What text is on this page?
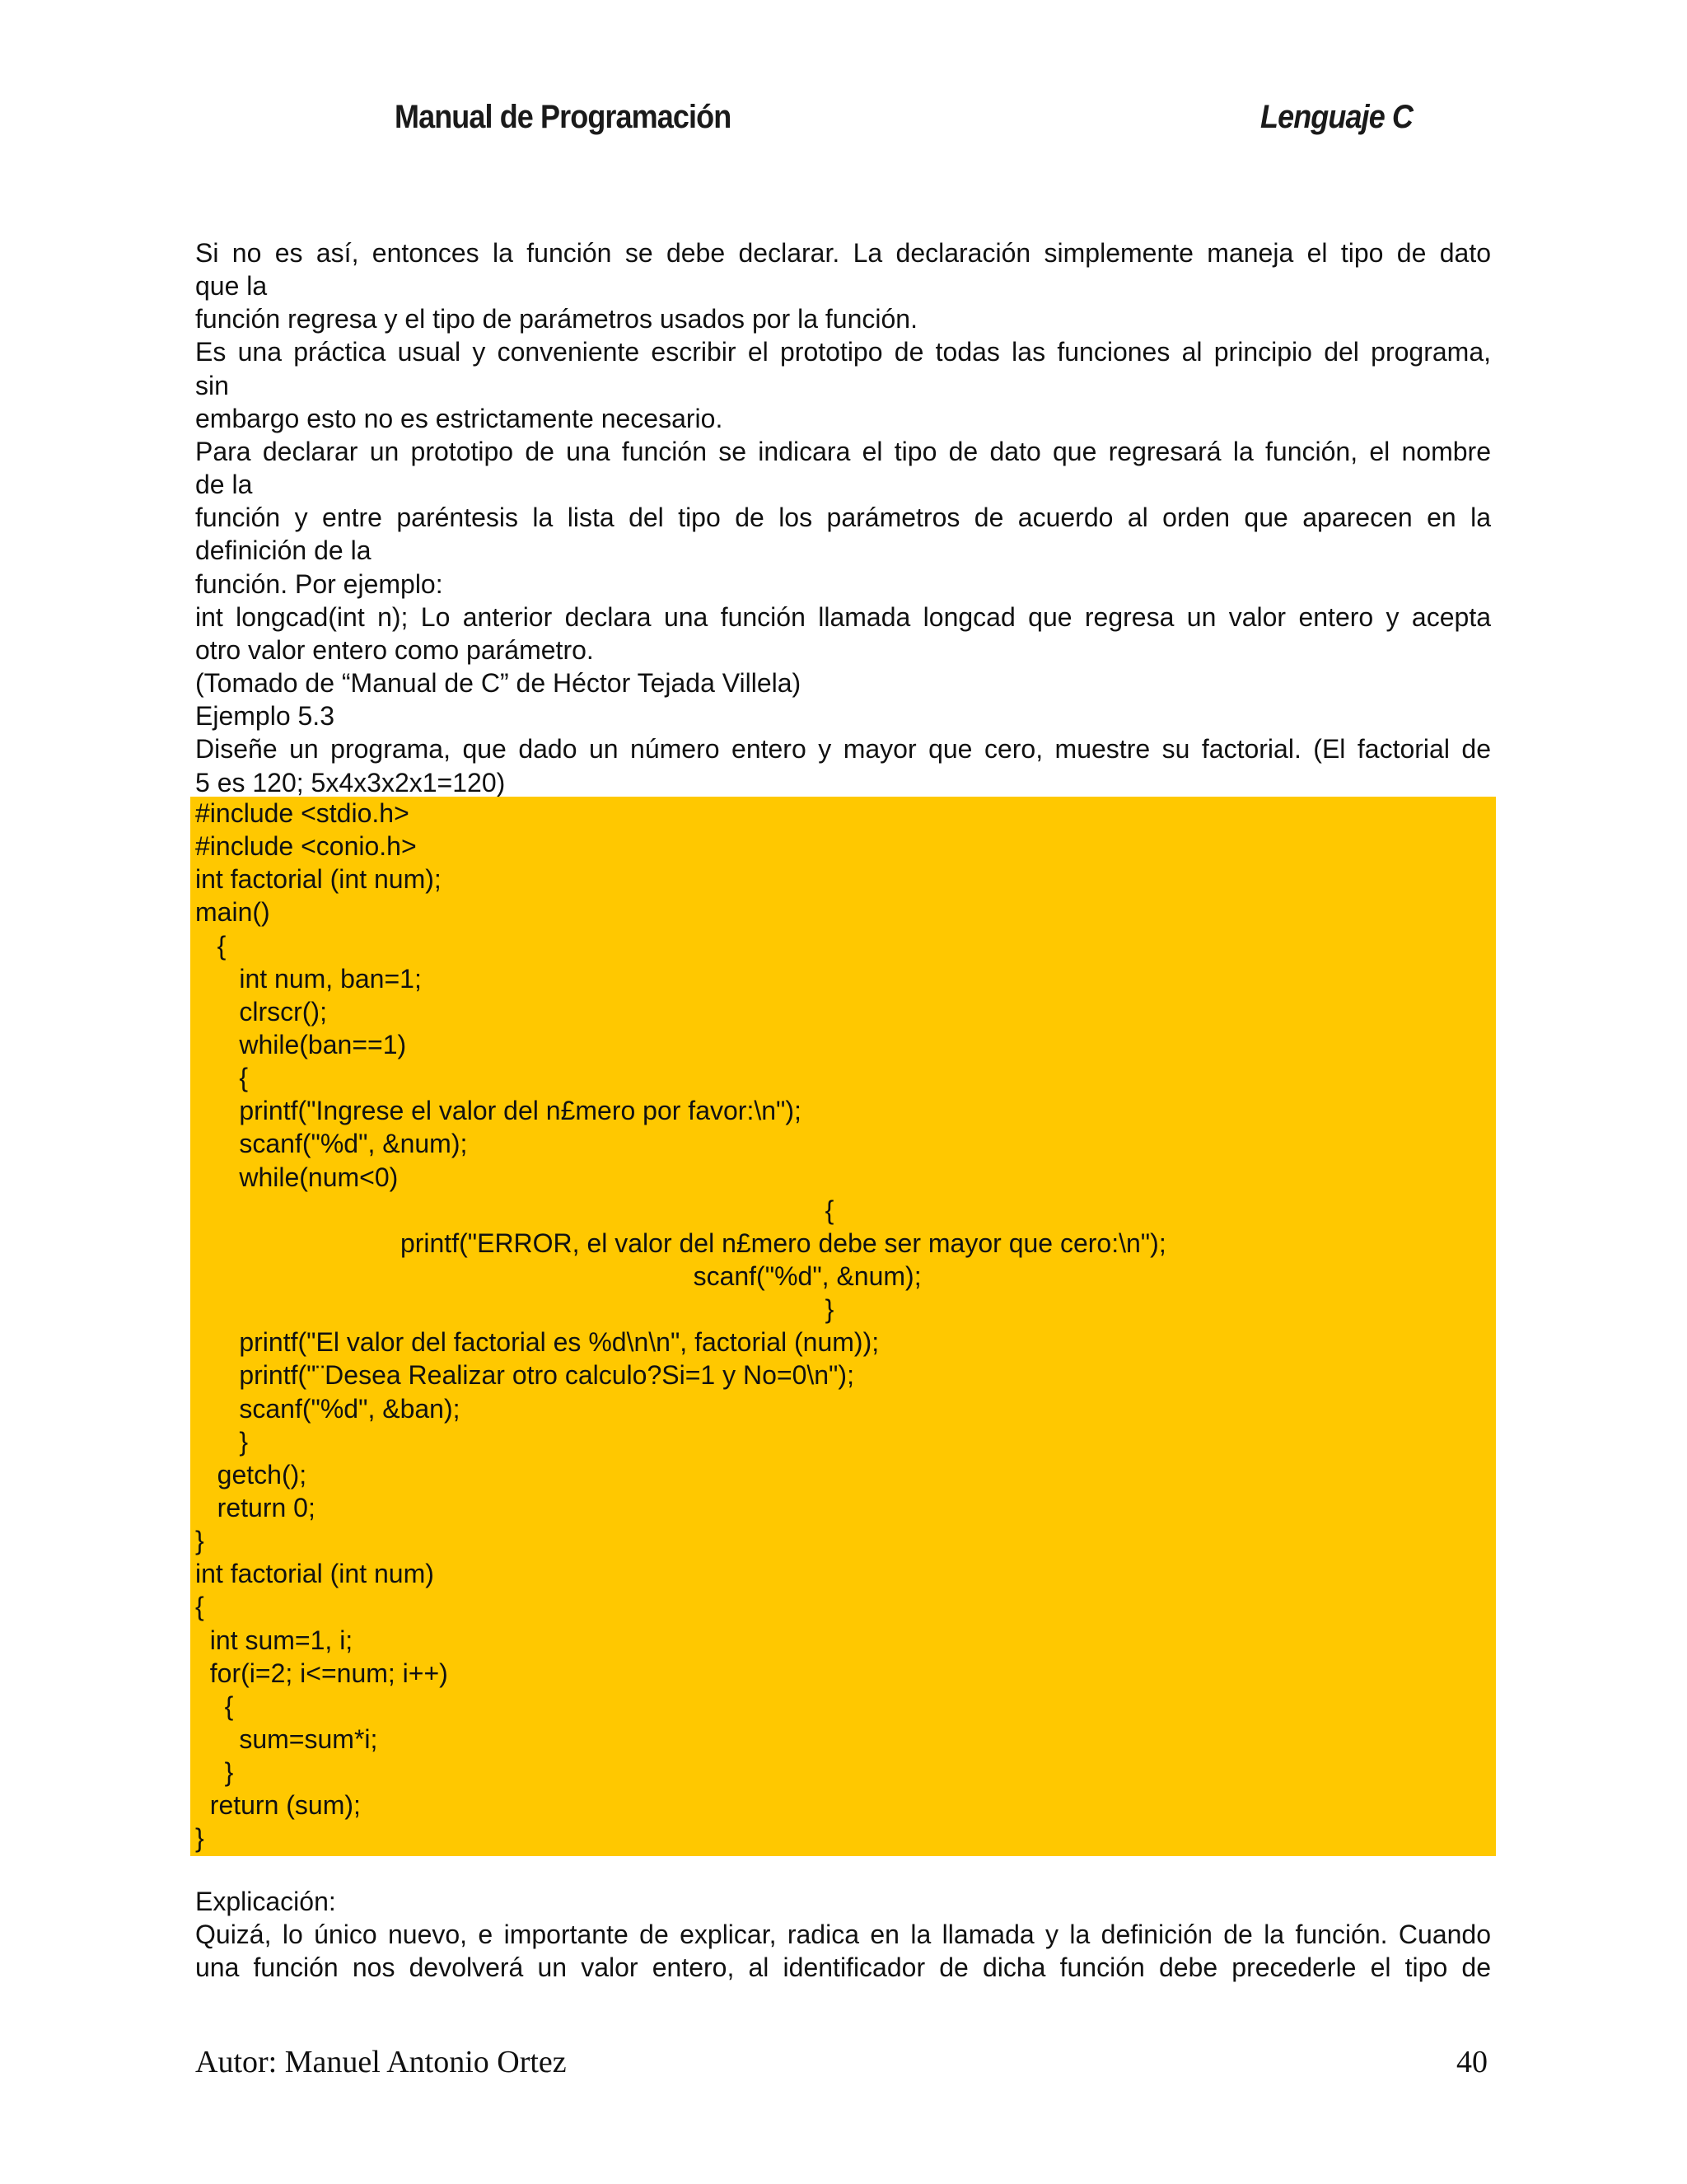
Manual de Programación	Lenguaje C
Si no es así, entonces la función se debe declarar. La declaración simplemente maneja el tipo de dato
que la
función regresa y el tipo de parámetros usados por la función.
Es una práctica usual y conveniente escribir el prototipo de todas las funciones al principio del programa,
sin
embargo esto no es estrictamente necesario.
Para declarar un prototipo de una función se indicara el tipo de dato que regresará la función, el nombre
de la
función y entre paréntesis la lista del tipo de los parámetros de acuerdo al orden que aparecen en la
definición de la
función. Por ejemplo:
int longcad(int n); Lo anterior declara una función llamada longcad que regresa un valor entero y acepta
otro valor entero como parámetro.
(Tomado de “Manual de C” de Héctor Tejada Villela)
Ejemplo 5.3
Diseñe un programa, que dado un número entero y mayor que cero, muestre su factorial. (El factorial de
5 es 120; 5x4x3x2x1=120)
#include <stdio.h>
#include <conio.h>
int factorial (int num);
main()
{
int num, ban=1;
clrscr();
while(ban==1)
{
printf("Ingrese el valor del n£mero por favor:\n");
scanf("%d", &num);
while(num<0)
{
printf("ERROR, el valor del n£mero debe ser mayor que cero:\n");
scanf("%d", &num);
}
printf("El valor del factorial es %d\n\n", factorial (num));
printf("¨Desea Realizar otro calculo?Si=1 y No=0\n");
scanf("%d", &ban);
}
getch();
return 0;
}
int factorial (int num)
{
int sum=1, i;
for(i=2; i<=num; i++)
{
sum=sum*i;
}
return (sum);
}
Explicación:
Quizá, lo único nuevo, e importante de explicar, radica en la llamada y la definición de la función. Cuando
una función nos devolverá un valor entero, al identificador de dicha función debe precederle el tipo de
Autor: Manuel Antonio Ortez	40
